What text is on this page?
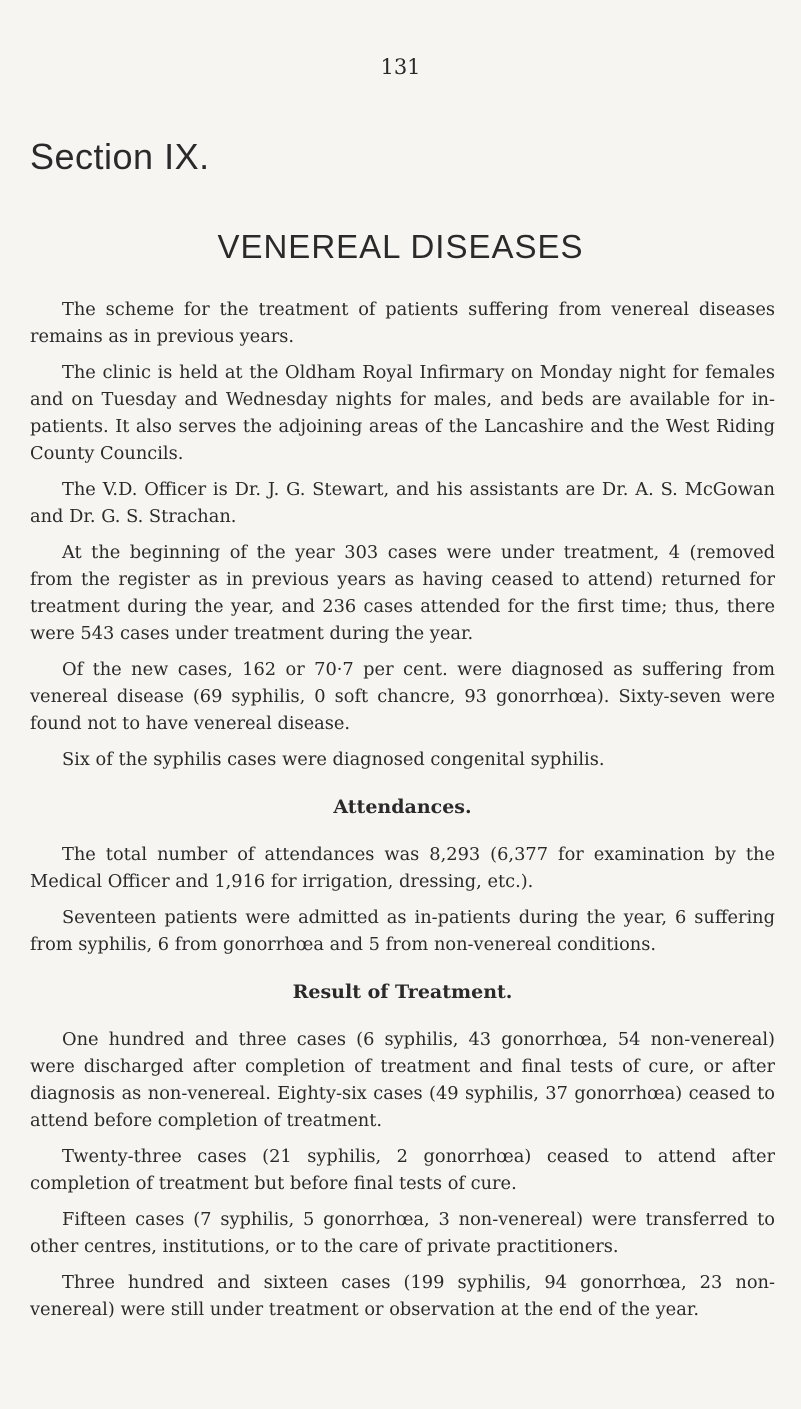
131
Section IX.
VENEREAL DISEASES

The scheme for the treatment of patients suffering from venereal diseases remains as in previous years.

The clinic is held at the Oldham Royal Infirmary on Monday night for females and on Tuesday and Wednesday nights for males, and beds are available for in-patients. It also serves the adjoining areas of the Lancashire and the West Riding County Councils.

The V.D. Officer is Dr. J. G. Stewart, and his assistants are Dr. A. S. McGowan and Dr. G. S. Strachan.

At the beginning of the year 303 cases were under treatment, 4 (removed from the register as in previous years as having ceased to attend) returned for treatment during the year, and 236 cases attended for the first time; thus, there were 543 cases under treatment during the year.

Of the new cases, 162 or 70·7 per cent. were diagnosed as suffering from venereal disease (69 syphilis, 0 soft chancre, 93 gonorrhœa). Sixty-seven were found not to have venereal disease.

Six of the syphilis cases were diagnosed congenital syphilis.

Attendances.

The total number of attendances was 8,293 (6,377 for examination by the Medical Officer and 1,916 for irrigation, dressing, etc.).

Seventeen patients were admitted as in-patients during the year, 6 suffering from syphilis, 6 from gonorrhœa and 5 from non-venereal conditions.

Result of Treatment.

One hundred and three cases (6 syphilis, 43 gonorrhœa, 54 non-venereal) were discharged after completion of treatment and final tests of cure, or after diagnosis as non-venereal. Eighty-six cases (49 syphilis, 37 gonorrhœa) ceased to attend before completion of treatment.

Twenty-three cases (21 syphilis, 2 gonorrhœa) ceased to attend after completion of treatment but before final tests of cure.

Fifteen cases (7 syphilis, 5 gonorrhœa, 3 non-venereal) were transferred to other centres, institutions, or to the care of private practitioners.

Three hundred and sixteen cases (199 syphilis, 94 gonorrhœa, 23 non-venereal) were still under treatment or observation at the end of the year.
